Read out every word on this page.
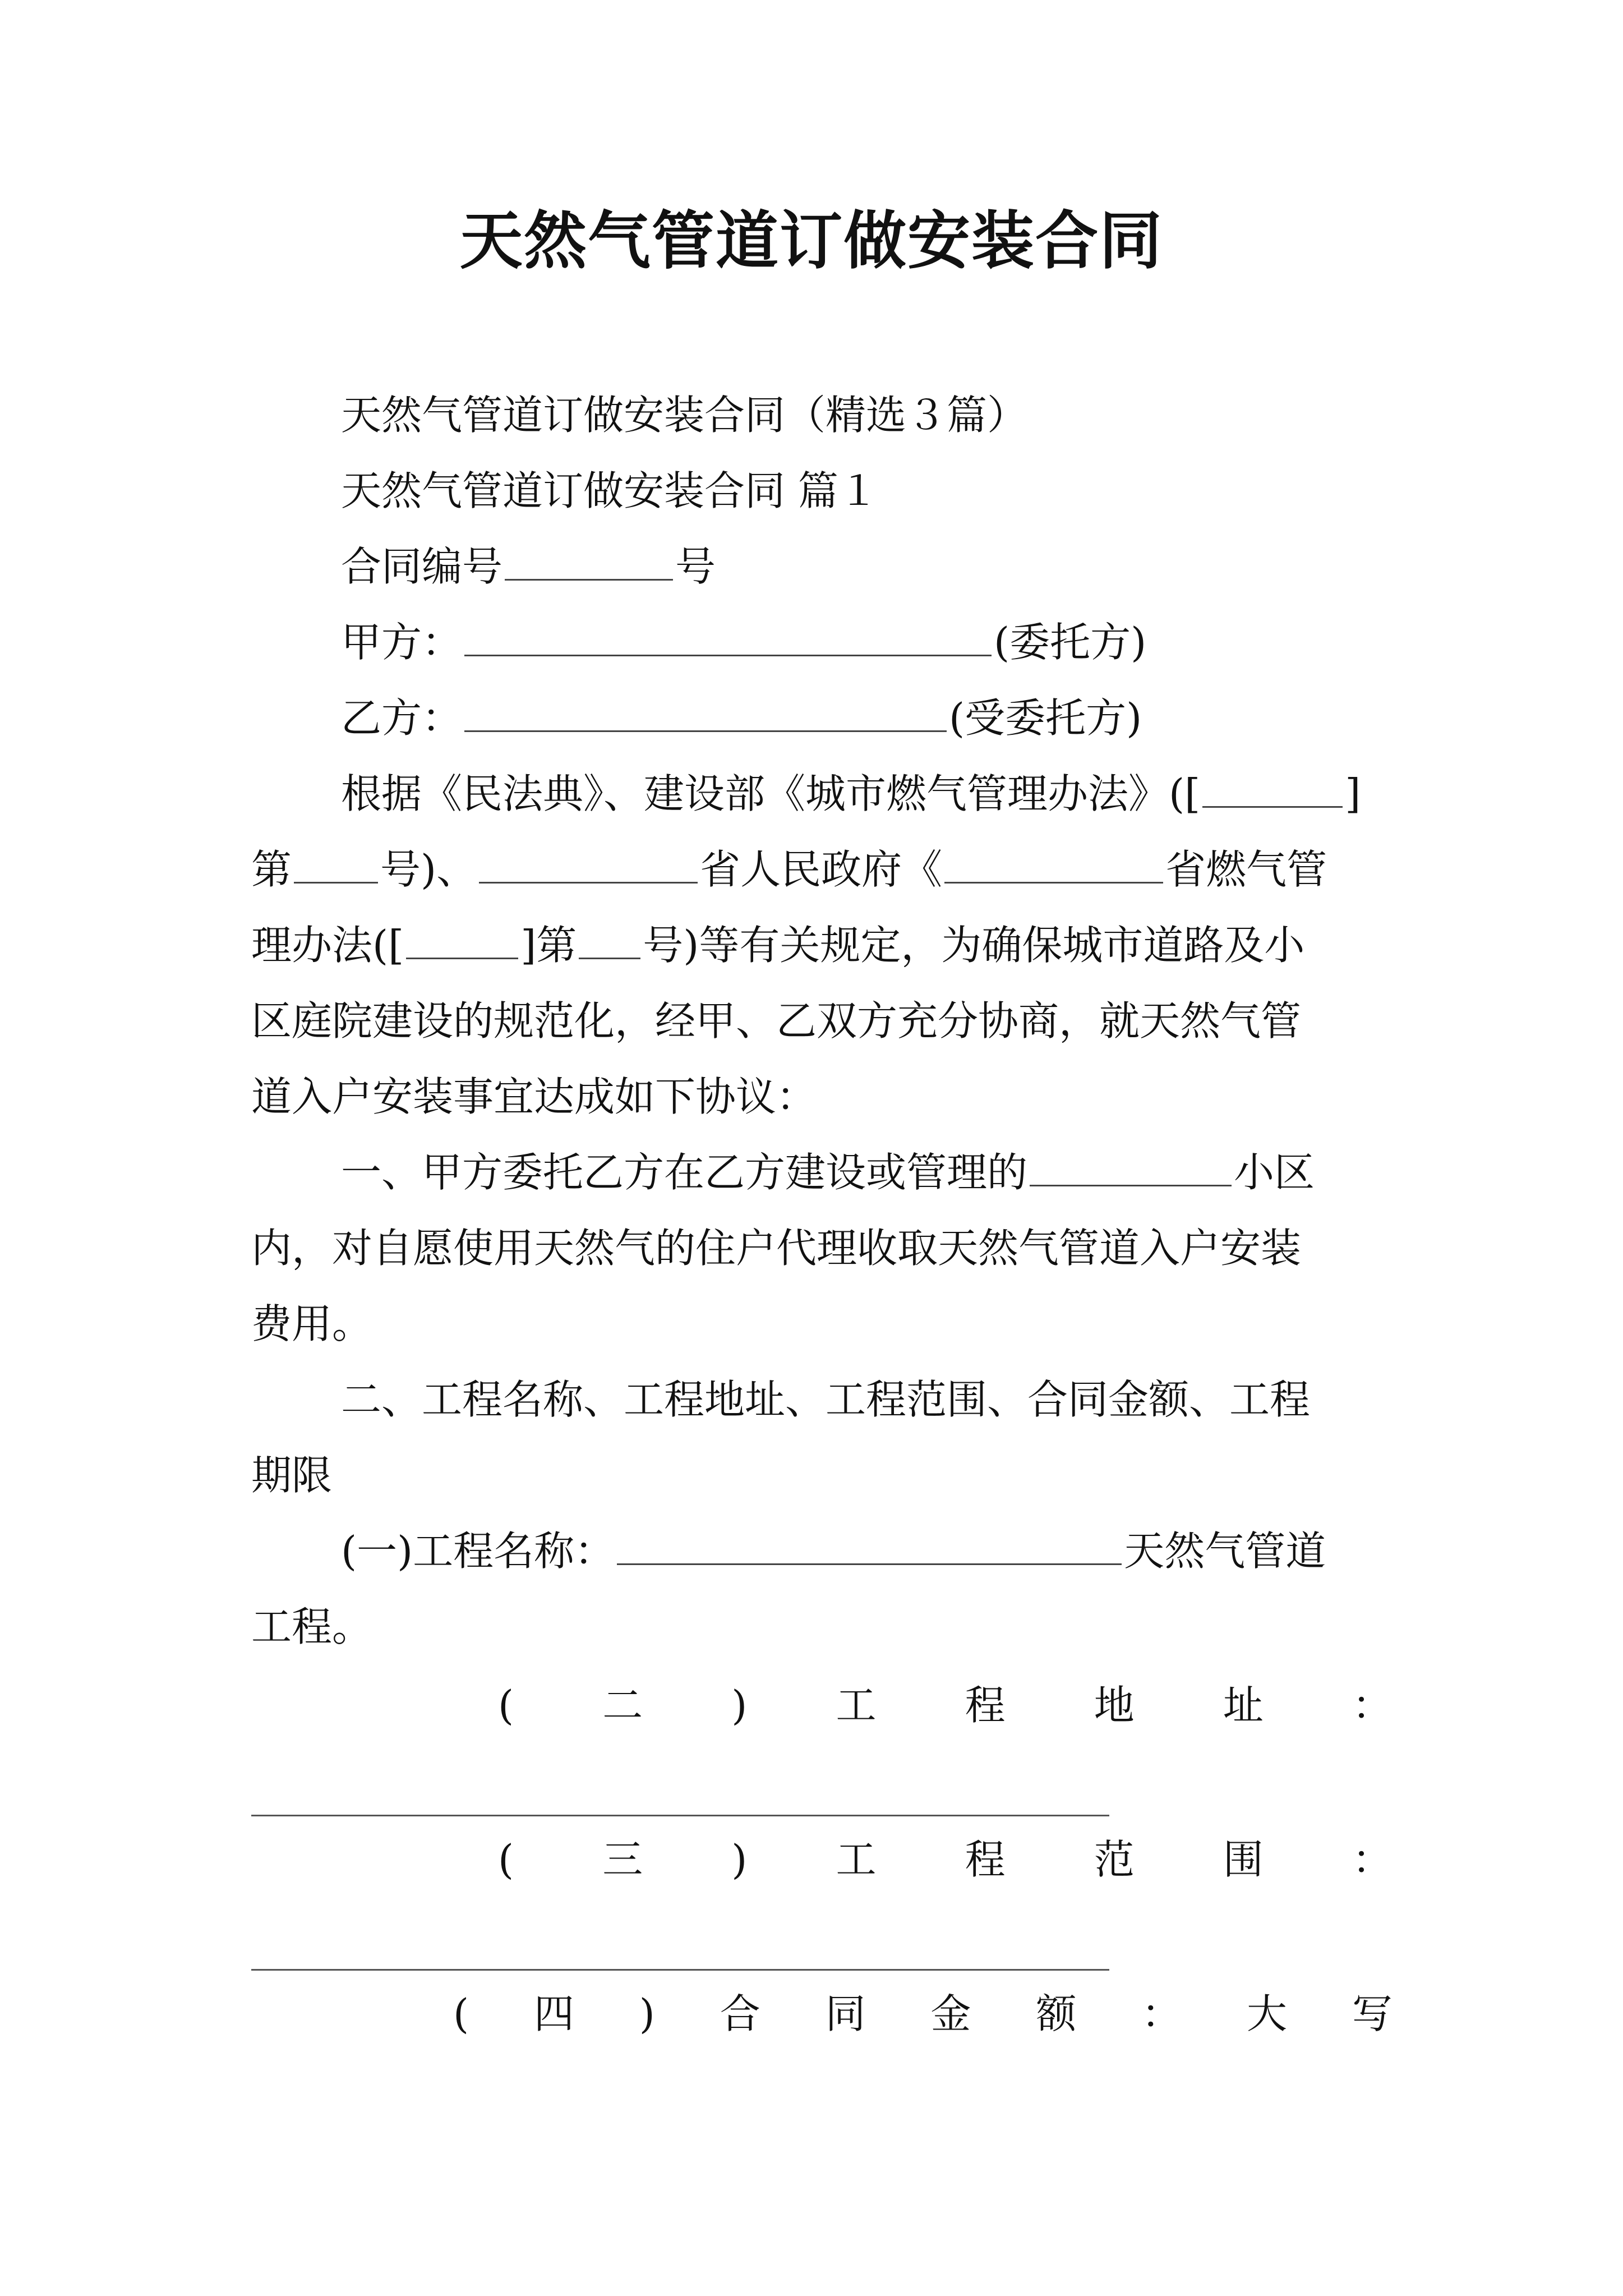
天然气管道订做安装合同
天然气管道订做安装合同（精选３篇）
天然气管道订做安装合同 篇１
合同编号	号
甲方：	(委托方)
乙方：	(受委托方)
根据《民法典》、建设部《城市燃气管理办法》([	]
第 号)、	省人民政府《	省燃气管
理办法([	]第 号)等有关规定，为确保城市道路及小
区庭院建设的规范化，经甲、乙双方充分协商，就天然气管
道入户安装事宜达成如下协议：
一、甲方委托乙方在乙方建设或管理的	小区
内，对自愿使用天然气的住户代理收取天然气管道入户安装
费用。
二、工程名称、工程地址、工程范围、合同金额、工程
期限
(一)工程名称：	天然气管道
工程。
( 二 ) 工 程 地 址 ：
( 三 ) 工 程 范 围 ：
( 四 ) 合 同 金 额 ： 大 写
